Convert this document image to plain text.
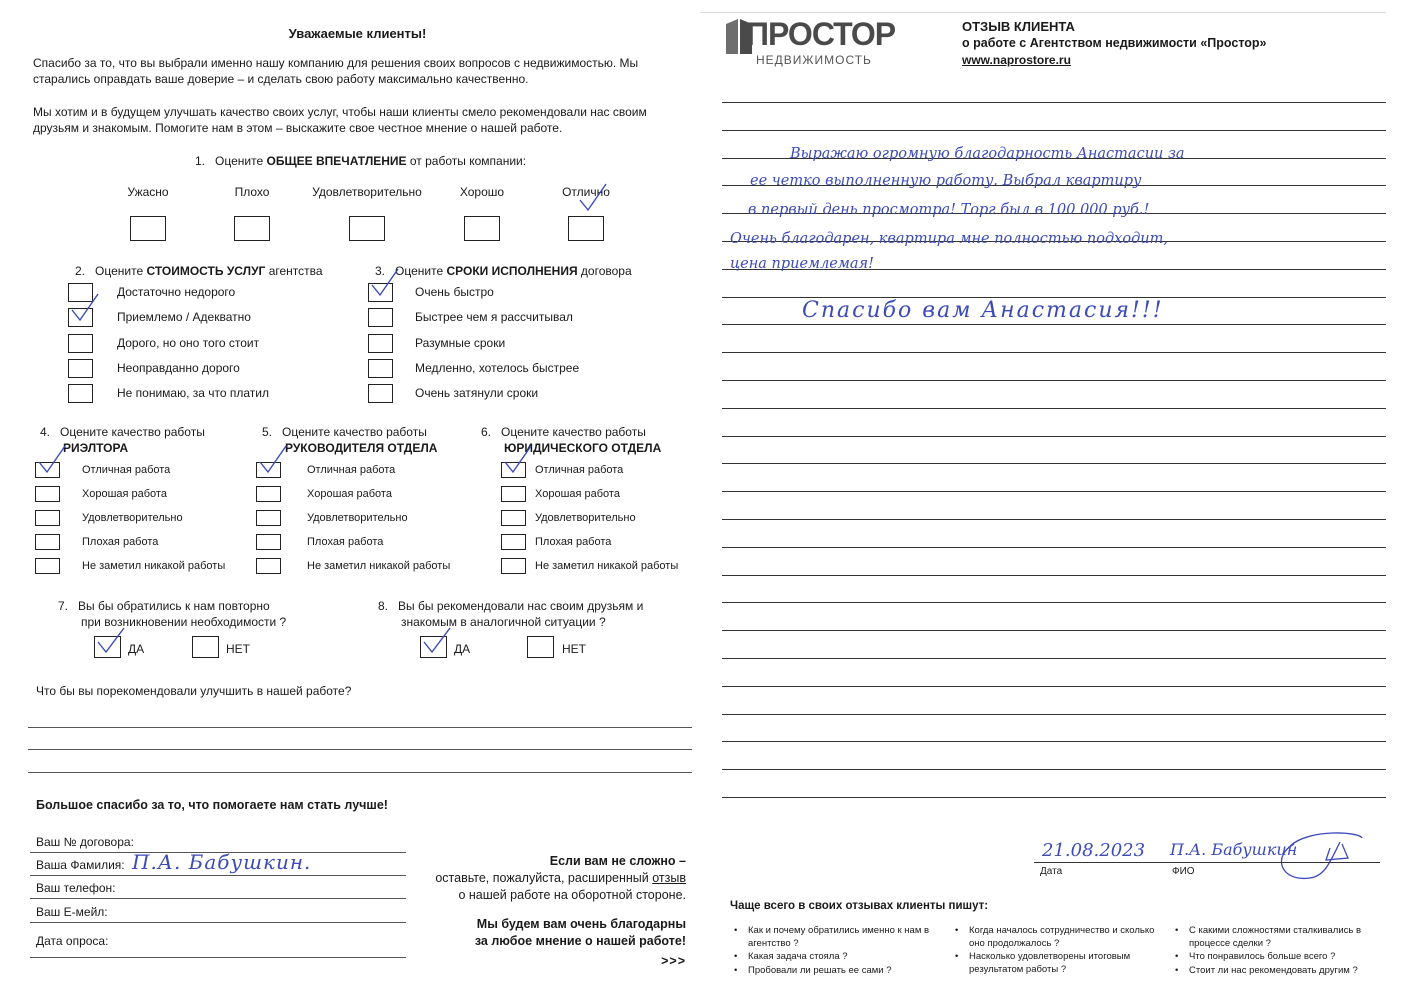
Уважаемые клиенты!
Спасибо за то, что вы выбрали именно нашу компанию для решения своих вопросов с недвижимостью. Мы старались оправдать ваше доверие – и сделать свою работу максимально качественно.
Мы хотим и в будущем улучшать качество своих услуг, чтобы наши клиенты смело рекомендовали нас своим друзьям и знакомым. Помогите нам в этом – выскажите свое честное мнение о нашей работе.
1. Оцените ОБЩЕЕ ВПЕЧАТЛЕНИЕ от работы компании:
Ужасно	Плохо	Удовлетворительно	Хорошо	Отлично
2. Оцените СТОИМОСТЬ УСЛУГ агентства	3. Оцените СРОКИ ИСПОЛНЕНИЯ договора
Достаточно недорого
Приемлемо / Адекватно
Дорого, но оно того стоит
Неоправданно дорого
Не понимаю, за что платил
Очень быстро
Быстрее чем я рассчитывал
Разумные сроки
Медленно, хотелось быстрее
Очень затянули сроки
4. Оцените качество работы
РИЭЛТОРА
5. Оцените качество работы
РУКОВОДИТЕЛЯ ОТДЕЛА
6. Оцените качество работы
ЮРИДИЧЕСКОГО ОТДЕЛА
Отличная работа
Хорошая работа
Удовлетворительно
Плохая работа
Не заметил никакой работы
Отличная работа
Хорошая работа
Удовлетворительно
Плохая работа
Не заметил никакой работы
Отличная работа
Хорошая работа
Удовлетворительно
Плохая работа
Не заметил никакой работы
7. Вы бы обратились к нам повторно
при возникновении необходимости ?
ДА	НЕТ
8. Вы бы рекомендовали нас своим друзьям и
знакомым в аналогичной ситуации ?
ДА	НЕТ
Что бы вы порекомендовали улучшить в нашей работе?
Большое спасибо за то, что помогаете нам стать лучше!
Ваш № договора:
Ваша Фамилия: П.А. Бабушкин.
Ваш телефон:
Ваш Е-мейл:
Дата опроса:
Если вам не сложно –
оставьте, пожалуйста, расширенный отзыв
о нашей работе на оборотной стороне.
Мы будем вам очень благодарны
за любое мнение о нашей работе!
>>>
ПРОСТОР
НЕДВИЖИМОСТЬ
ОТЗЫВ КЛИЕНТА
о работе с Агентством недвижимости «Простор»
www.naprostore.ru
Выражаю огромную благодарность Анастасии за
ее четко выполненную работу. Выбрал квартиру
в первый день просмотра! Торг был в 100 000 руб.!
Очень благодарен, квартира мне полностью подходит,
цена приемлемая!
Спасибо вам Анастасия!!!
21.08.2023 П.А. Бабушкин
Дата	ФИО
Чаще всего в своих отзывах клиенты пишут:
• Как и почему обратились именно к нам в агентство ?
• Какая задача стояла ?
• Пробовали ли решать ее сами ?
• Когда началось сотрудничество и сколько оно продолжалось ?
• Насколько удовлетворены итоговым результатом работы ?
• С какими сложностями сталкивались в процессе сделки ?
• Что понравилось больше всего ?
• Стоит ли нас рекомендовать другим ?
